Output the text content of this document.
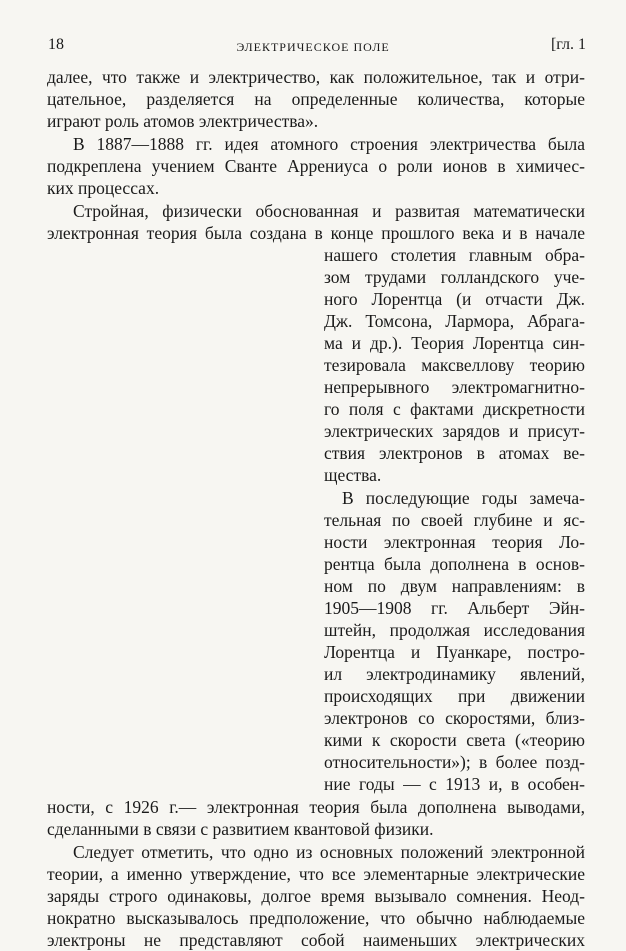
18	ЭЛЕКТРИЧЕСКОЕ ПОЛЕ	[гл. 1
далее, что также и электричество, как положительное, так и отри-
цательное, разделяется на определенные количества, которые
играют роль атомов электричества».
В 1887—1888 гг. идея атомного строения электричества была
подкреплена учением Сванте Аррениуса о роли ионов в химичес-
ких процессах.
Стройная, физически обоснованная и развитая математически
электронная теория была создана в конце прошлого века и в начале
нашего столетия главным обра-
зом трудами голландского уче-
ного Лорентца (и отчасти Дж.
Дж. Томсона, Лармора, Абрага-
ма и др.). Теория Лорентца син-
тезировала максвеллову теорию
непрерывного электромагнитно-
го поля с фактами дискретности
электрических зарядов и присут-
ствия электронов в атомах ве-
щества.
В последующие годы замеча-
тельная по своей глубине и яс-
ности электронная теория Ло-
рентца была дополнена в основ-
ном по двум направлениям: в
1905—1908 гг. Альберт Эйн-
штейн, продолжая исследования
Лорентца и Пуанкаре, постро-
ил электродинамику явлений,
происходящих при движении
электронов со скоростями, близ-
кими к скорости света («теорию
относительности»); в более позд-
ние годы — с 1913 и, в особен-
ности, с 1926 г.— электронная теория была дополнена выводами,
сделанными в связи с развитием квантовой физики.
Следует отметить, что одно из основных положений электронной
теории, а именно утверждение, что все элементарные электрические
заряды строго одинаковы, долгое время вызывало сомнения. Неод-
нократно высказывалось предположение, что обычно наблюдаемые
электроны не представляют собой наименьших электрических
